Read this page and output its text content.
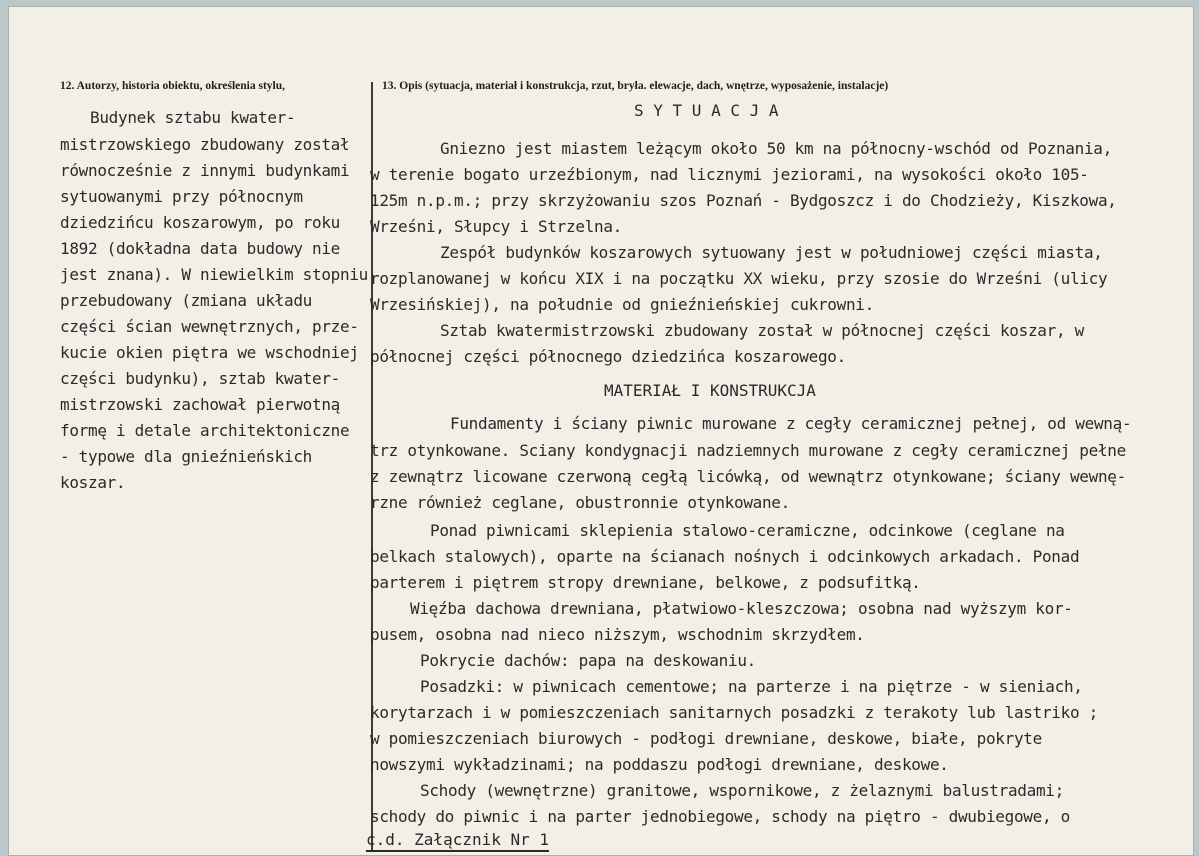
12. Autorzy, historia obiektu, określenia stylu,	13. Opis (sytuacja, materiał i konstrukcja, rzut, bryła. elewacje, dach, wnętrze, wyposażenie, instalacje)
Budynek sztabu kwater-
mistrzowskiego zbudowany został
równocześnie z innymi budynkami
sytuowanymi przy północnym
dziedzińcu koszarowym, po roku
1892 (dokładna data budowy nie
jest znana). W niewielkim stopniu
przebudowany (zmiana układu
części ścian wewnętrznych, prze-
kucie okien piętra we wschodniej
części budynku), sztab kwater-
mistrzowski zachował pierwotną
formę i detale architektoniczne
- typowe dla gnieźnieńskich
koszar.
S Y T U A C J A
Gniezno jest miastem leżącym około 50 km na północny-wschód od Poznania,
w terenie bogato urzeźbionym, nad licznymi jeziorami, na wysokości około 105-
125m n.p.m.; przy skrzyżowaniu szos Poznań - Bydgoszcz i do Chodzieży, Kiszkowa,
Wrześni, Słupcy i Strzelna.
Zespół budynków koszarowych sytuowany jest w południowej części miasta,
rozplanowanej w końcu XIX i na początku XX wieku, przy szosie do Wrześni (ulicy
Wrzesińskiej), na południe od gnieźnieńskiej cukrowni.
Sztab kwatermistrzowski zbudowany został w północnej części koszar, w
północnej części północnego dziedzińca koszarowego.
MATERIAŁ I KONSTRUKCJA
Fundamenty i ściany piwnic murowane z cegły ceramicznej pełnej, od wewną-
trz otynkowane. Sciany kondygnacji nadziemnych murowane z cegły ceramicznej pełne
z zewnątrz licowane czerwoną cegłą licówką, od wewnątrz otynkowane; ściany wewnę-
rzne również ceglane, obustronnie otynkowane.
Ponad piwnicami sklepienia stalowo-ceramiczne, odcinkowe (ceglane na
belkach stalowych), oparte na ścianach nośnych i odcinkowych arkadach. Ponad
parterem i piętrem stropy drewniane, belkowe, z podsufitką.
Więźba dachowa drewniana, płatwiowo-kleszczowa; osobna nad wyższym kor-
pusem, osobna nad nieco niższym, wschodnim skrzydłem.
Pokrycie dachów: papa na deskowaniu.
Posadzki: w piwnicach cementowe; na parterze i na piętrze - w sieniach,
korytarzach i w pomieszczeniach sanitarnych posadzki z terakoty lub lastriko ;
w pomieszczeniach biurowych - podłogi drewniane, deskowe, białe, pokryte
nowszymi wykładzinami; na poddaszu podłogi drewniane, deskowe.
Schody (wewnętrzne) granitowe, wspornikowe, z żelaznymi balustradami;
schody do piwnic i na parter jednobiegowe, schody na piętro - dwubiegowe, o
c.d. Załącznik Nr 1
